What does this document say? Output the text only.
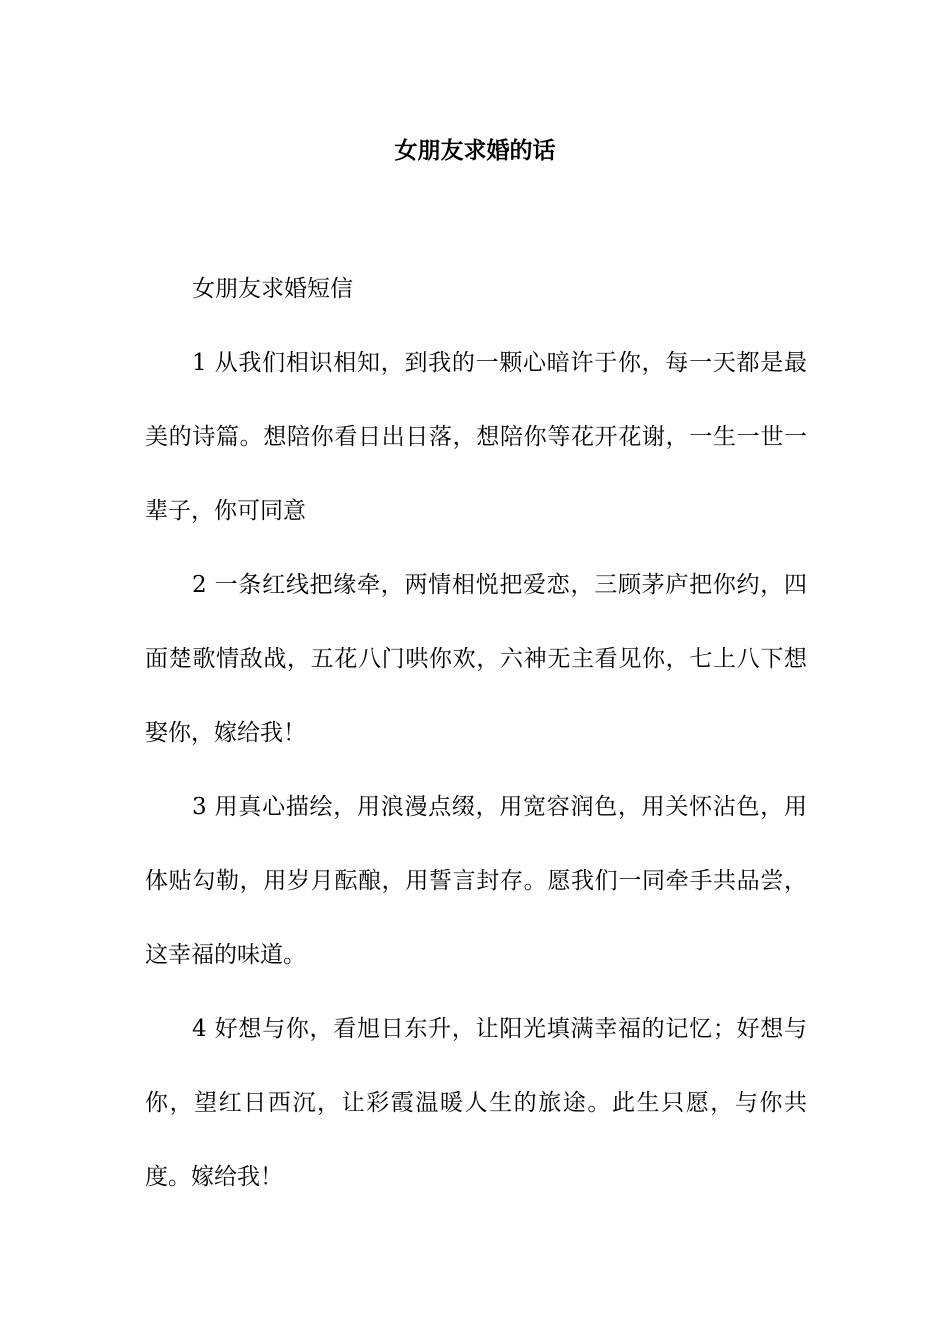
女朋友求婚的话

女朋友求婚短信

1 从我们相识相知，到我的一颗心暗许于你，每一天都是最美的诗篇。想陪你看日出日落，想陪你等花开花谢，一生一世一辈子，你可同意

2 一条红线把缘牵，两情相悦把爱恋，三顾茅庐把你约，四面楚歌情敌战，五花八门哄你欢，六神无主看见你，七上八下想娶你，嫁给我！

3 用真心描绘，用浪漫点缀，用宽容润色，用关怀沾色，用体贴勾勒，用岁月酝酿，用誓言封存。愿我们一同牵手共品尝，这幸福的味道。

4 好想与你，看旭日东升，让阳光填满幸福的记忆；好想与你，望红日西沉，让彩霞温暖人生的旅途。此生只愿，与你共度。嫁给我！
